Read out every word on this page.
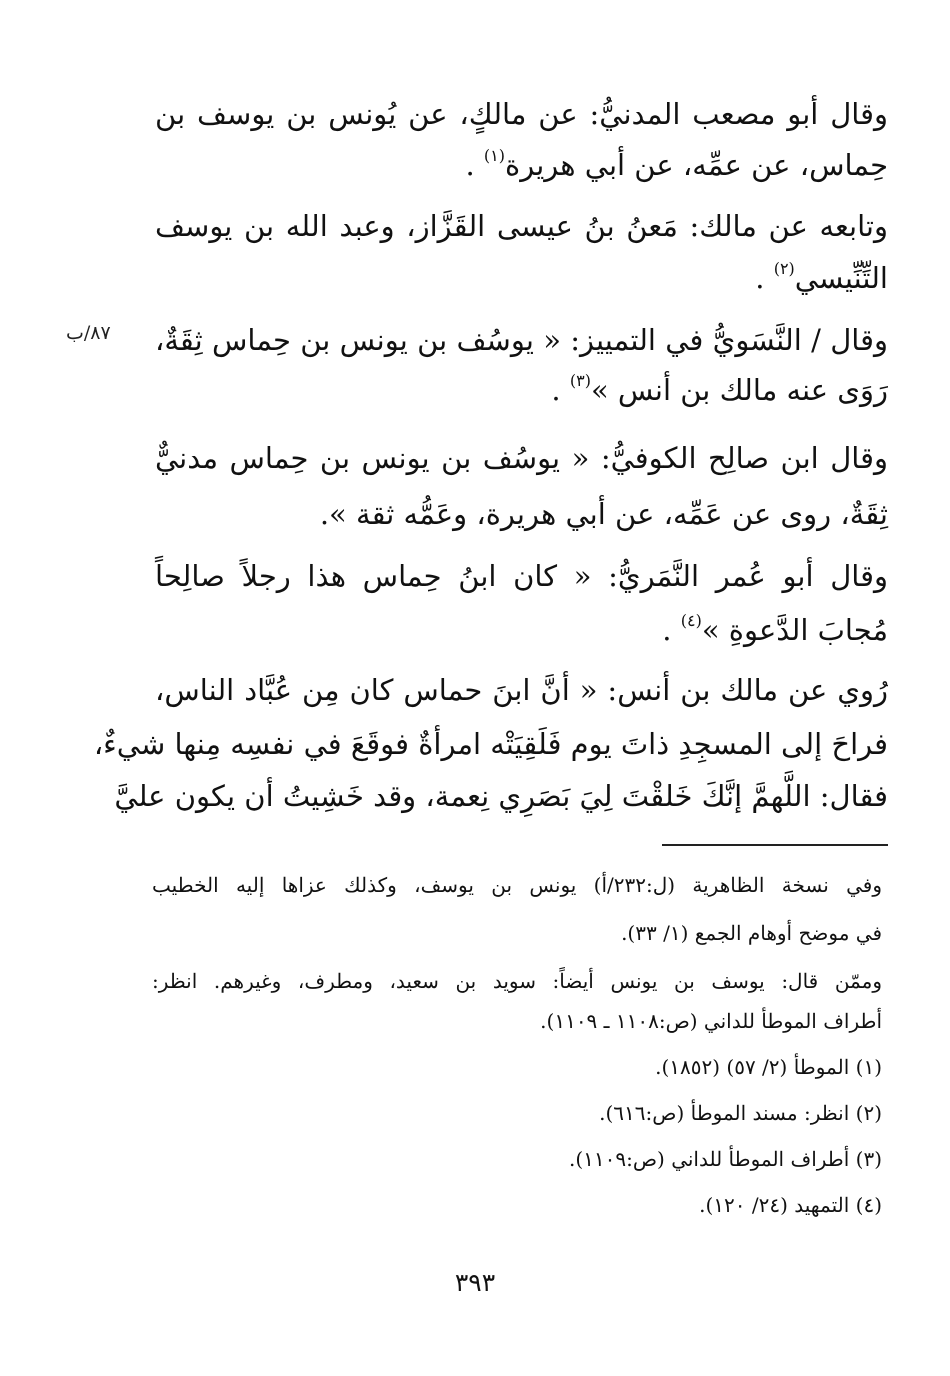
وقال أبو مصعب المدنيُّ: عن مالكٍ، عن يُونس بن يوسف بن
حِماس، عن عمِّه، عن أبي هريرة$^{(١)}$ .
وتابعه عن مالك: مَعنُ بنُ عيسى القَزَّاز، وعبد الله بن يوسف
التِّنِّيسي$^{(٢)}$ .
٨٧/ب وقال / النَّسَويُّ في التمييز: « يوسُف بن يونس بن حِماس ثِقَةٌ،
رَوَى عنه مالك بن أنس »$^{(٣)}$ .
وقال ابن صالِح الكوفيُّ: « يوسُف بن يونس بن حِماس مدنيٌّ
ثِقَةٌ، روى عن عَمِّه، عن أبي هريرة، وعَمُّه ثقة ».
وقال أبو عُمر النَّمَريُّ: « كان ابنُ حِماس هذا رجلاً صالِحاً
مُجابَ الدَّعوةِ »$^{(٤)}$ .
رُوي عن مالك بن أنس: « أنَّ ابنَ حماس كان مِن عُبَّاد الناس،
فراحَ إلى المسجِدِ ذاتَ يوم فَلَقِيَتْه امرأةٌ فوقَعَ في نفسِه مِنها شيءٌ،
فقال: اللَّهمَّ إنَّكَ خَلقْتَ لِيَ بَصَرِي نِعمة، وقد خَشِيتُ أن يكون عليَّ
وفي نسخة الظاهرية (ل:٢٣٢/أ) يونس بن يوسف، وكذلك عزاها إليه الخطيب
في موضح أوهام الجمع (١/ ٣٣).
وممّن قال: يوسف بن يونس أيضاً: سويد بن سعيد، ومطرف، وغيرهم. انظر:
أطراف الموطأ للداني (ص:١١٠٨ ـ ١١٠٩).
(١) الموطأ (٢/ ٥٧) (١٨٥٢).
(٢) انظر: مسند الموطأ (ص:٦١٦).
(٣) أطراف الموطأ للداني (ص:١١٠٩).
(٤) التمهيد (٢٤/ ١٢٠).
٣٩٣
